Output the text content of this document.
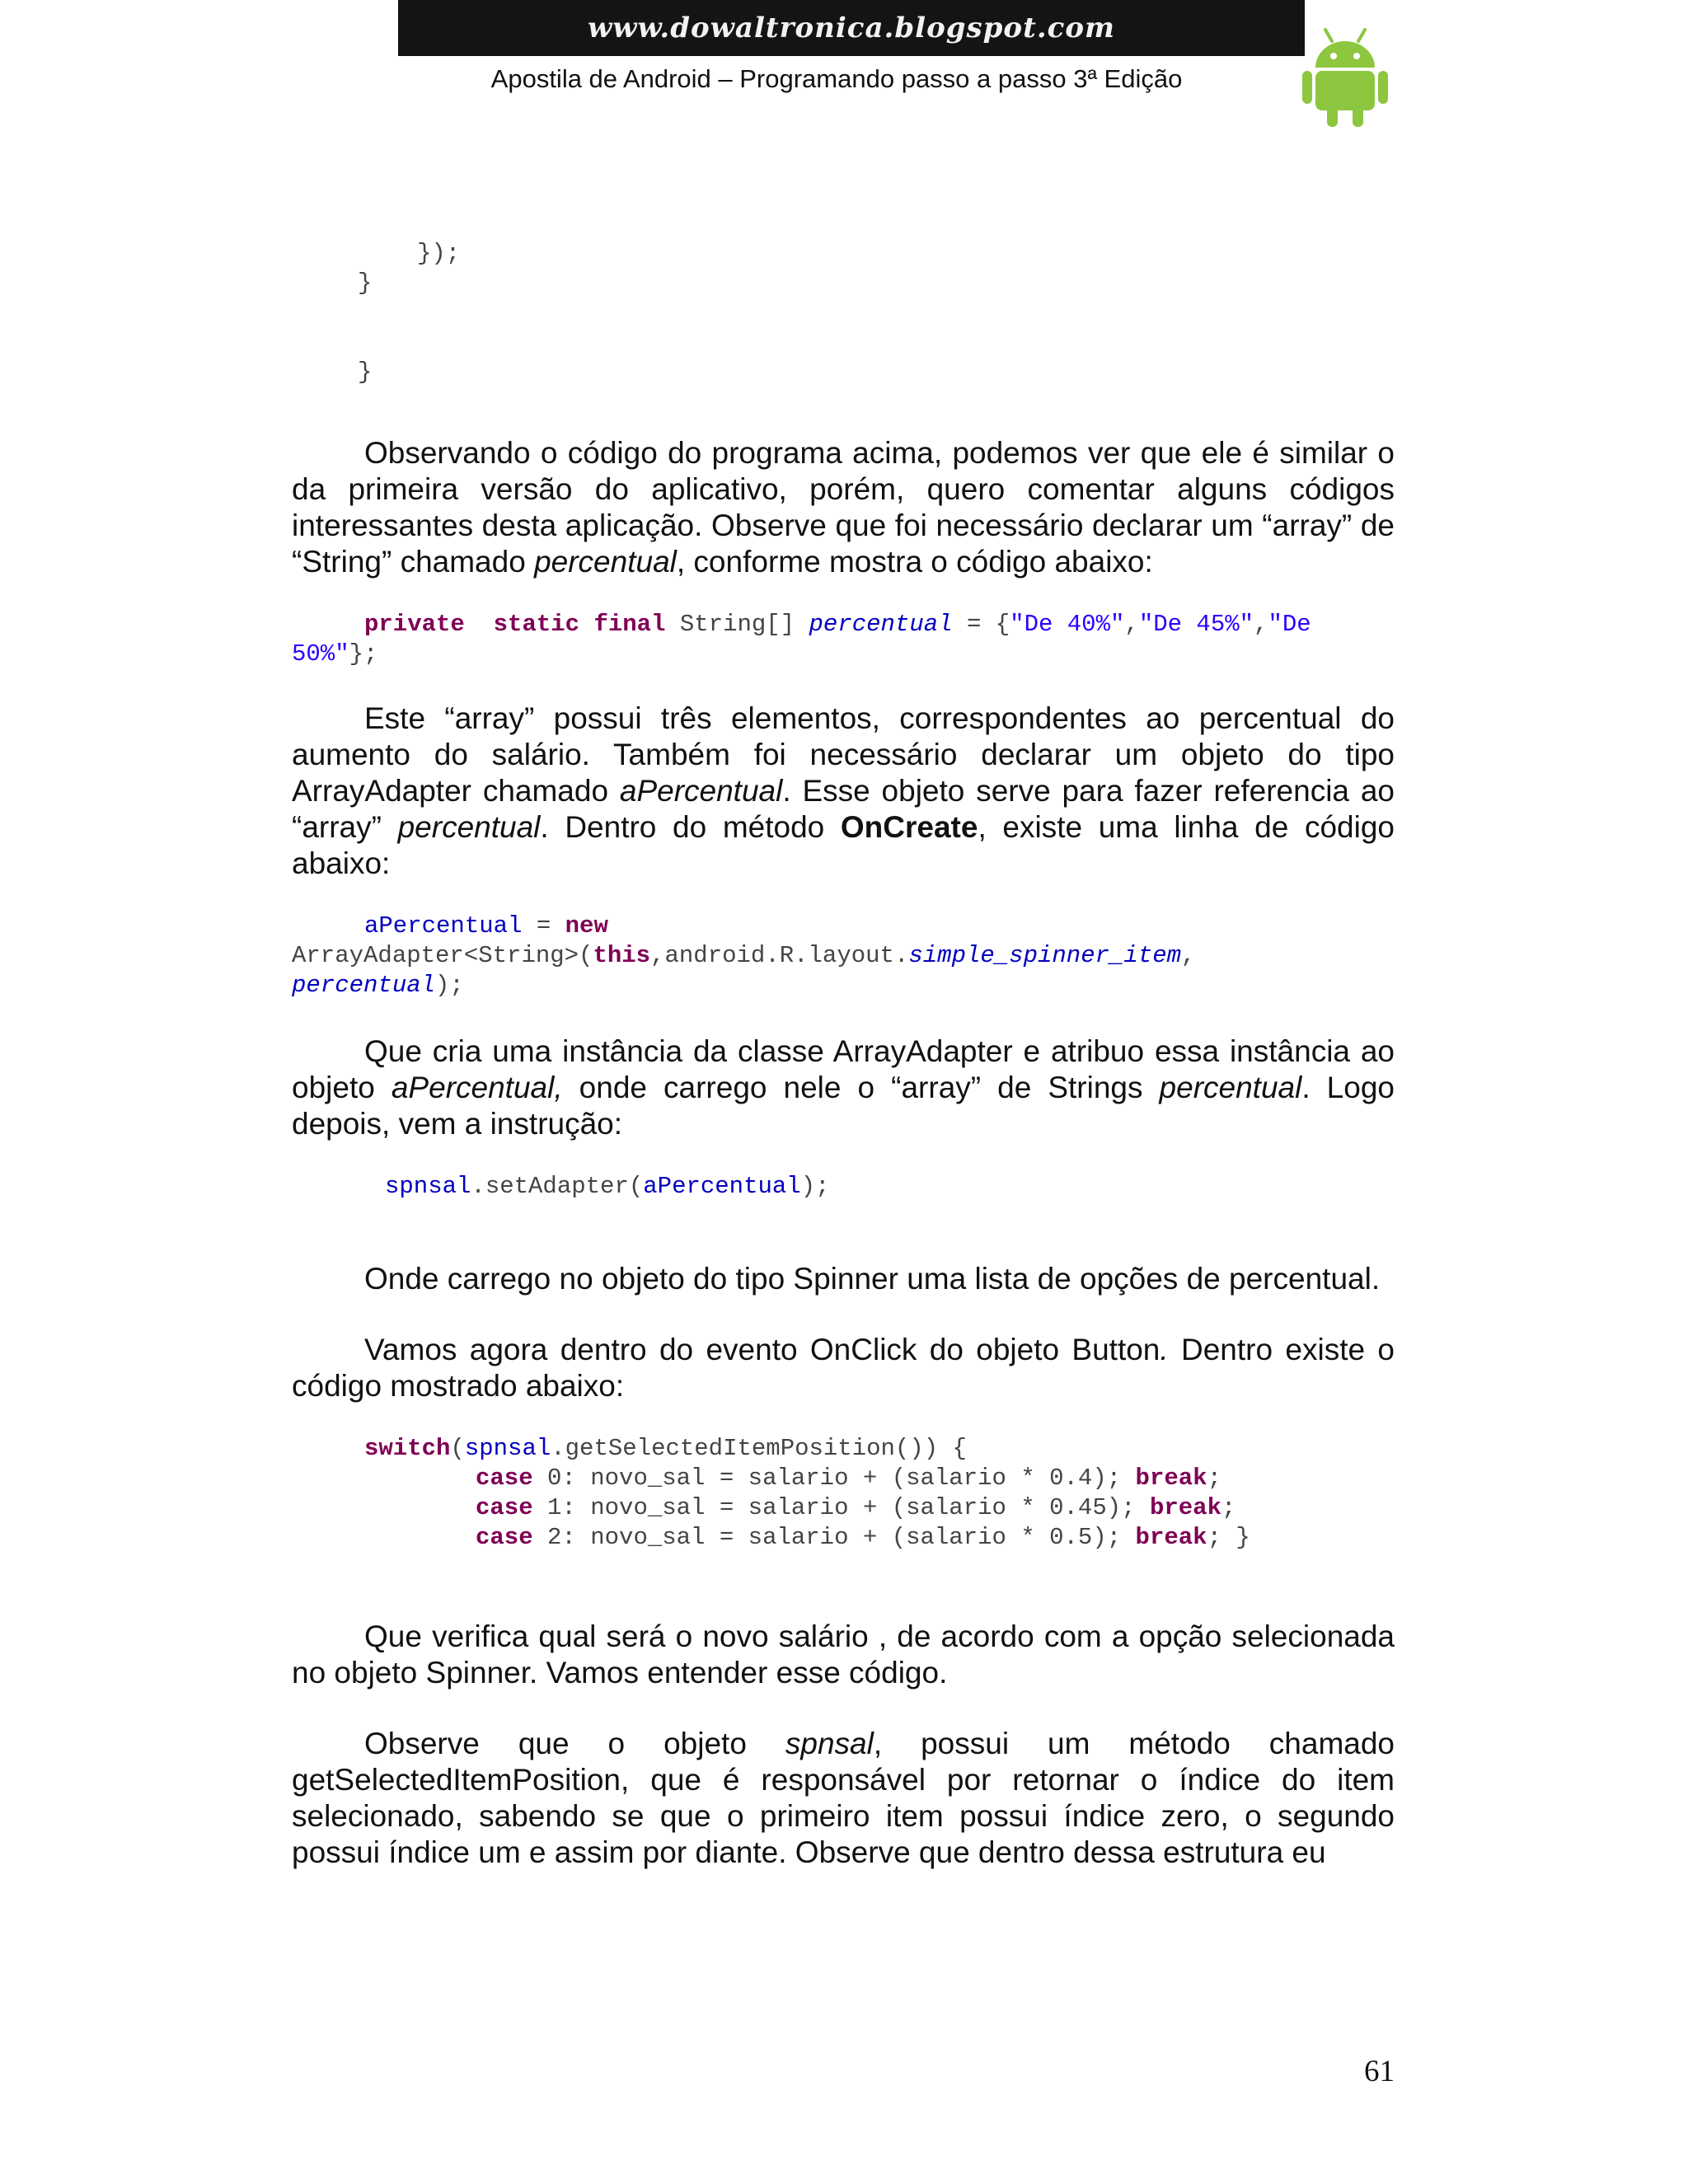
www.dowaltronica.blogspot.com
Apostila de Android – Programando passo a passo 3ª Edição
});
}

}

Observando o código do programa acima, podemos ver que ele é similar o da primeira versão do aplicativo, porém, quero comentar alguns códigos interessantes desta aplicação. Observe que foi necessário declarar um “array” de “String” chamado percentual, conforme mostra o código abaixo:

private static final String[] percentual = {"De 40%","De 45%","De
50%"};

Este “array” possui três elementos, correspondentes ao percentual do aumento do salário. Também foi necessário declarar um objeto do tipo ArrayAdapter chamado aPercentual. Esse objeto serve para fazer referencia ao “array” percentual. Dentro do método OnCreate, existe uma linha de código abaixo:

aPercentual = new
ArrayAdapter<String>(this,android.R.layout.simple_spinner_item,
percentual);

Que cria uma instância da classe ArrayAdapter e atribuo essa instância ao objeto aPercentual, onde carrego nele o “array” de Strings percentual. Logo depois, vem a instrução:

spnsal.setAdapter(aPercentual);

Onde carrego no objeto do tipo Spinner uma lista de opções de percentual.

Vamos agora dentro do evento OnClick do objeto Button. Dentro existe o código mostrado abaixo:

switch(spnsal.getSelectedItemPosition()) {
case 0: novo_sal = salario + (salario * 0.4); break;
case 1: novo_sal = salario + (salario * 0.45); break;
case 2: novo_sal = salario + (salario * 0.5); break; }

Que verifica qual será o novo salário , de acordo com a opção selecionada no objeto Spinner. Vamos entender esse código.

Observe que o objeto spnsal, possui um método chamado getSelectedItemPosition, que é responsável por retornar o índice do item selecionado, sabendo se que o primeiro item possui índice zero, o segundo possui índice um e assim por diante. Observe que dentro dessa estrutura eu

61
